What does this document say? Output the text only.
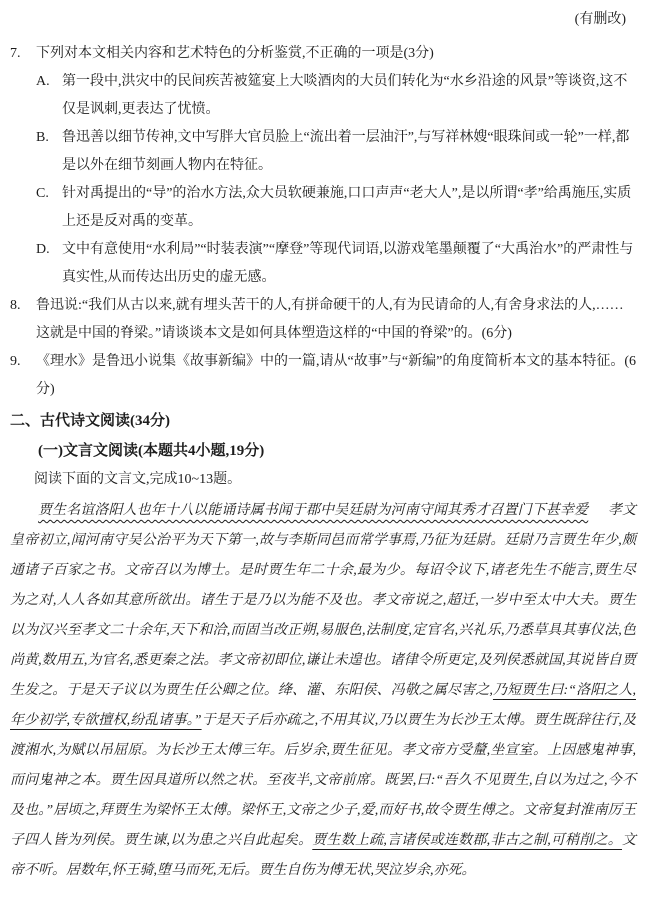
(有删改)
7.	下列对本文相关内容和艺术特色的分析鉴赏,不正确的一项是(3分)
A. 第一段中,洪灾中的民间疾苦被筵宴上大啖酒肉的大员们转化为“水乡沿途的风景”等谈资,这不仅是讽刺,更表达了忧愤。
B. 鲁迅善以细节传神,文中写胖大官员脸上“流出着一层油汗”,与写祥林嫂“眼珠间或一轮”一样,都是以外在细节刻画人物内在特征。
C. 针对禹提出的“导”的治水方法,众大员软硬兼施,口口声声“老大人”,是以所谓“孝”给禹施压,实质上还是反对禹的变革。
D. 文中有意使用“水利局”“时装表演”“摩登”等现代词语,以游戏笔墨颠覆了“大禹治水”的严肃性与真实性,从而传达出历史的虚无感。
8.	鲁迅说:“我们从古以来,就有埋头苦干的人,有拼命硬干的人,有为民请命的人,有舍身求法的人,……这就是中国的脊梁。”请谈谈本文是如何具体塑造这样的“中国的脊梁”的。(6分)
9.	《理水》是鲁迅小说集《故事新编》中的一篇,请从“故事”与“新编”的角度简析本文的基本特征。(6分)
二、古代诗文阅读(34分)
(一)文言文阅读(本题共4小题,19分)
阅读下面的文言文,完成10~13题。

贾生名谊洛阳人也年十八以能诵诗属书闻于郡中吴廷尉为河南守闻其秀才召置门下甚幸爱 孝文皇帝初立,闻河南守吴公治平为天下第一,故与李斯同邑而常学事焉,乃征为廷尉。廷尉乃言贾生年少,颇通诸子百家之书。文帝召以为博士。是时贾生年二十余,最为少。每诏令议下,诸老先生不能言,贾生尽为之对,人人各如其意所欲出。诸生于是乃以为能不及也。孝文帝说之,超迁,一岁中至太中大夫。贾生以为汉兴至孝文二十余年,天下和洽,而固当改正朔,易服色,法制度,定官名,兴礼乐,乃悉草具其事仪法,色尚黄,数用五,为官名,悉更秦之法。孝文帝初即位,谦让未遑也。诸律令所更定,及列侯悉就国,其说皆自贾生发之。于是天子议以为贾生任公卿之位。绛、灌、东阳侯、冯敬之属尽害之,乃短贾生曰:“洛阳之人,年少初学,专欲擅权,纷乱诸事。”于是天子后亦疏之,不用其议,乃以贾生为长沙王太傅。贾生既辞往行,及渡湘水,为赋以吊屈原。为长沙王太傅三年。后岁余,贾生征见。孝文帝方受釐,坐宣室。上因感鬼神事,而问鬼神之本。贾生因具道所以然之状。至夜半,文帝前席。既罢,曰:“吾久不见贾生,自以为过之,今不及也。”居顷之,拜贾生为梁怀王太傅。梁怀王,文帝之少子,爱,而好书,故令贾生傅之。文帝复封淮南厉王子四人皆为列侯。贾生谏,以为患之兴自此起矣。贾生数上疏,言诸侯或连数郡,非古之制,可稍削之。文帝不听。居数年,怀王骑,堕马而死,无后。贾生自伤为傅无状,哭泣岁余,亦死。
